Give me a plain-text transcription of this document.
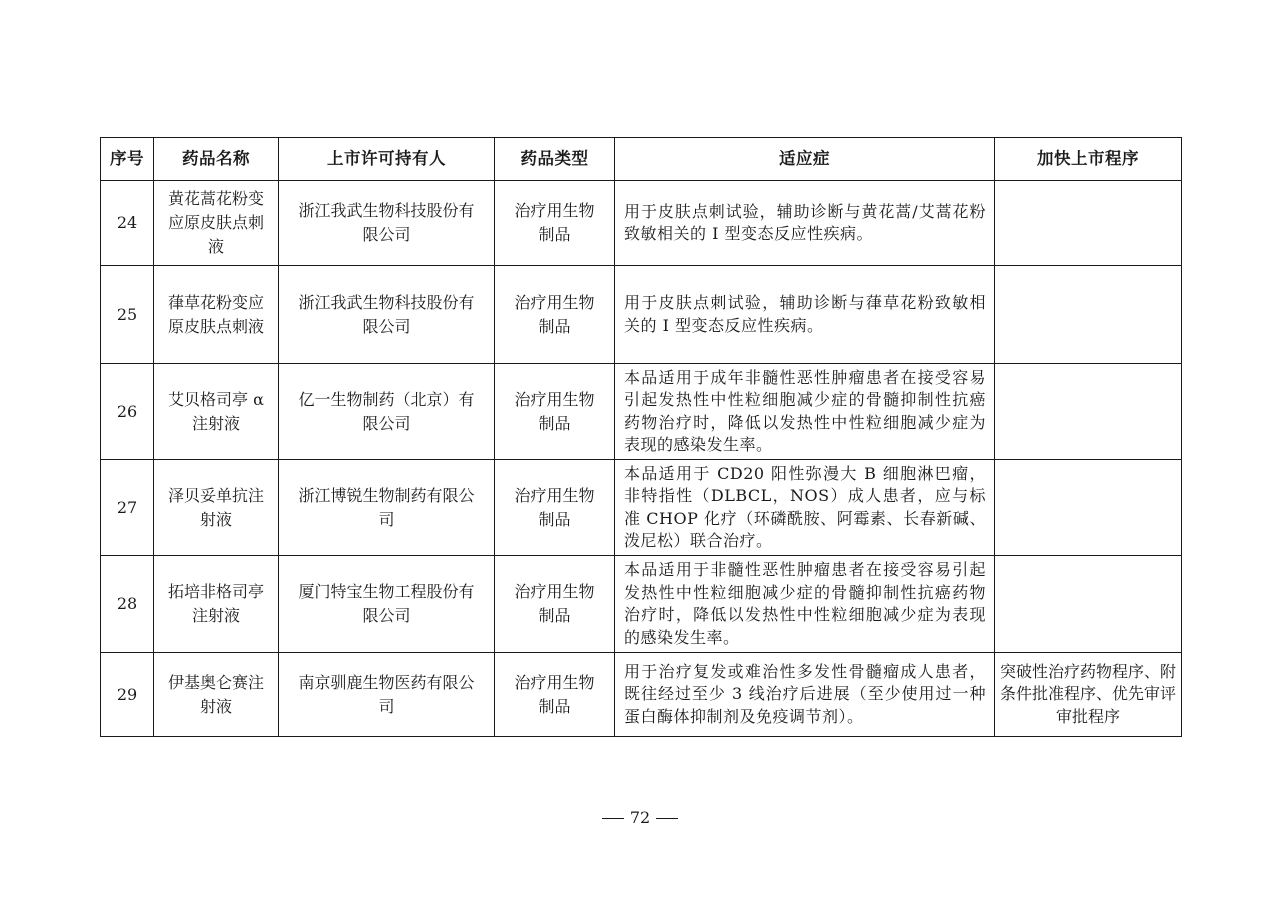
序号	药品名称	上市许可持有人	药品类型	适应症	加快上市程序
24	黄花蒿花粉变应原皮肤点刺液	浙江我武生物科技股份有限公司	治疗用生物制品	用于皮肤点刺试验，辅助诊断与黄花蒿/艾蒿花粉致敏相关的 I 型变态反应性疾病。	
25	葎草花粉变应原皮肤点刺液	浙江我武生物科技股份有限公司	治疗用生物制品	用于皮肤点刺试验，辅助诊断与葎草花粉致敏相关的 I 型变态反应性疾病。	
26	艾贝格司亭 α 注射液	亿一生物制药（北京）有限公司	治疗用生物制品	本品适用于成年非髓性恶性肿瘤患者在接受容易引起发热性中性粒细胞减少症的骨髓抑制性抗癌药物治疗时，降低以发热性中性粒细胞减少症为表现的感染发生率。	
27	泽贝妥单抗注射液	浙江博锐生物制药有限公司	治疗用生物制品	本品适用于 CD20 阳性弥漫大 B 细胞淋巴瘤，非特指性（DLBCL，NOS）成人患者，应与标准 CHOP 化疗（环磷酰胺、阿霉素、长春新碱、泼尼松）联合治疗。	
28	拓培非格司亭注射液	厦门特宝生物工程股份有限公司	治疗用生物制品	本品适用于非髓性恶性肿瘤患者在接受容易引起发热性中性粒细胞减少症的骨髓抑制性抗癌药物治疗时，降低以发热性中性粒细胞减少症为表现的感染发生率。	
29	伊基奥仑赛注射液	南京驯鹿生物医药有限公司	治疗用生物制品	用于治疗复发或难治性多发性骨髓瘤成人患者，既往经过至少 3 线治疗后进展（至少使用过一种蛋白酶体抑制剂及免疫调节剂）。	突破性治疗药物程序、附条件批准程序、优先审评审批程序
72
